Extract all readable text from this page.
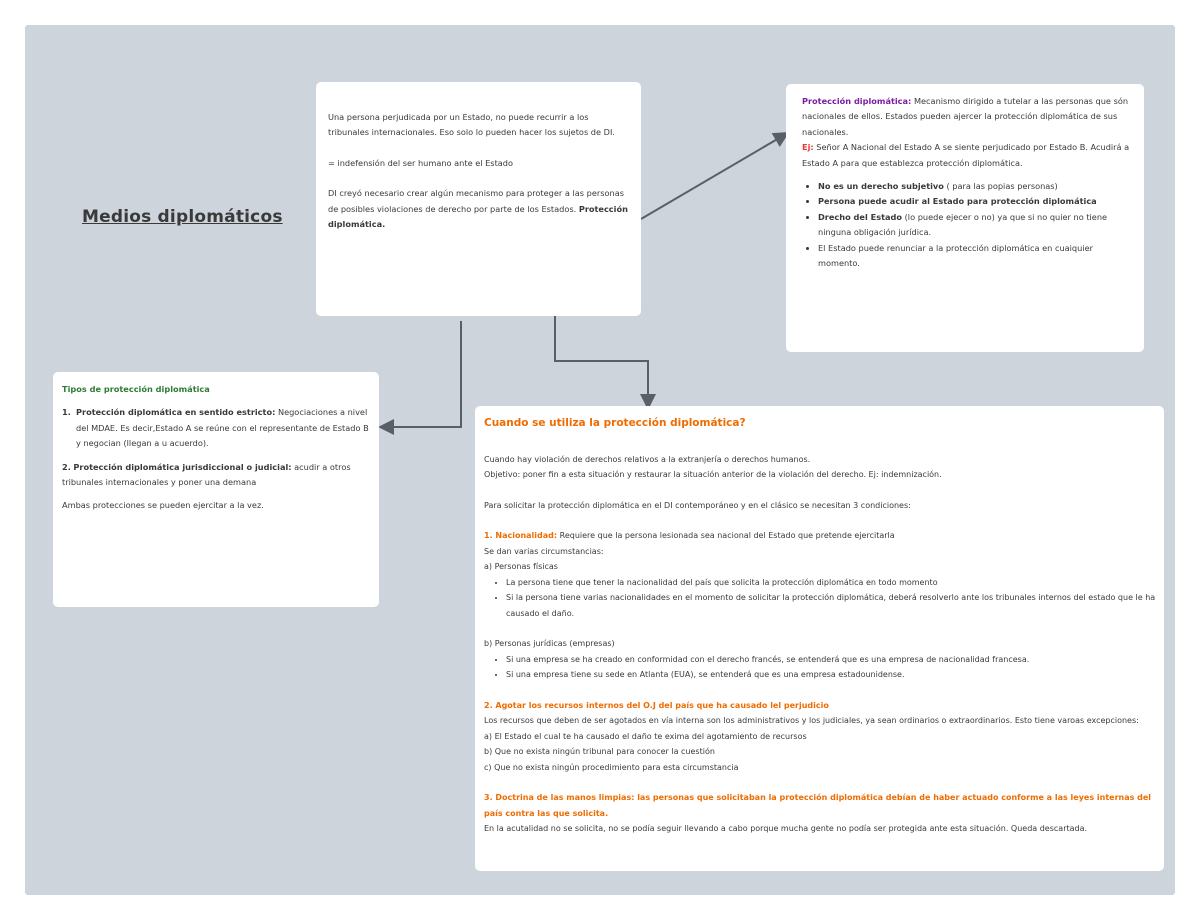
Medios diplomáticos

Una persona perjudicada por un Estado, no puede recurrir a los tribunales internacionales. Eso solo lo pueden hacer los sujetos de DI.

= indefensión del ser humano ante el Estado

DI creyó necesario crear algún mecanismo para proteger a las personas de posibles violaciones de derecho por parte de los Estados. Protección diplomática.

Protección diplomática: Mecanismo dirigido a tutelar a las personas que són nacionales de ellos. Estados pueden ajercer la protección diplomática de sus nacionales.

Ej: Señor A Nacional del Estado A se siente perjudicado por Estado B. Acudirá a Estado A para que establezca protección diplomática.

• No es un derecho subjetivo ( para las popias personas)
• Persona puede acudir al Estado para protección diplomática
• Drecho del Estado (lo puede ejecer o no) ya que si no quier no tiene ninguna obligación jurídica.
• El Estado puede renunciar a la protección diplomática en cuaiquier momento.

Tipos de protección diplomática

1. Protección diplomática en sentido estricto: Negociaciones a nivel del MDAE. Es decir,Estado A se reúne con el representante de Estado B y negocian (llegan a u acuerdo).

2. Protección diplomática jurisdiccional o judicial: acudir a otros tribunales internacionales y poner una demana

Ambas protecciones se pueden ejercitar a la vez.

Cuando se utiliza la protección diplomática?

Cuando hay violación de derechos relativos a la extranjería o derechos humanos.

Objetivo: poner fin a esta situación y restaurar la situación anterior de la violación del derecho. Ej: indemnización.

Para solicitar la protección diplomática en el DI contemporáneo y en el clásico se necesitan 3 condiciones:

1. Nacionalidad: Requiere que la persona lesionada sea nacional del Estado que pretende ejercitarla

Se dan varias circumstancias:

a) Personas físicas

• La persona tiene que tener la nacionalidad del país que solicita la protección diplomática en todo momento
• Si la persona tiene varias nacionalidades en el momento de solicitar la protección diplomática, deberá resolverlo ante los tribunales internos del estado que le ha causado el daño.

b) Personas jurídicas (empresas)

• Si una empresa se ha creado en conformidad con el derecho francés, se entenderá que es una empresa de nacionalidad francesa.
• Si una empresa tiene su sede en Atlanta (EUA), se entenderá que es una empresa estadounidense.

2. Agotar los recursos internos del O.J del país que ha causado lel perjudicio

Los recursos que deben de ser agotados en vía interna son los administrativos y los judiciales, ya sean ordinarios o extraordinarios. Esto tiene varoas excepciones:

a) El Estado el cual te ha causado el daño te exima del agotamiento de recursos

b) Que no exista ningún tribunal para conocer la cuestión

c) Que no exista ningún procedimiento para esta circumstancia

3. Doctrina de las manos limpias: las personas que solicitaban la protección diplomática debían de haber actuado conforme a las leyes internas del país contra las que solicita.

En la acutalidad no se solicita, no se podía seguir llevando a cabo porque mucha gente no podía ser protegida ante esta situación. Queda descartada.
